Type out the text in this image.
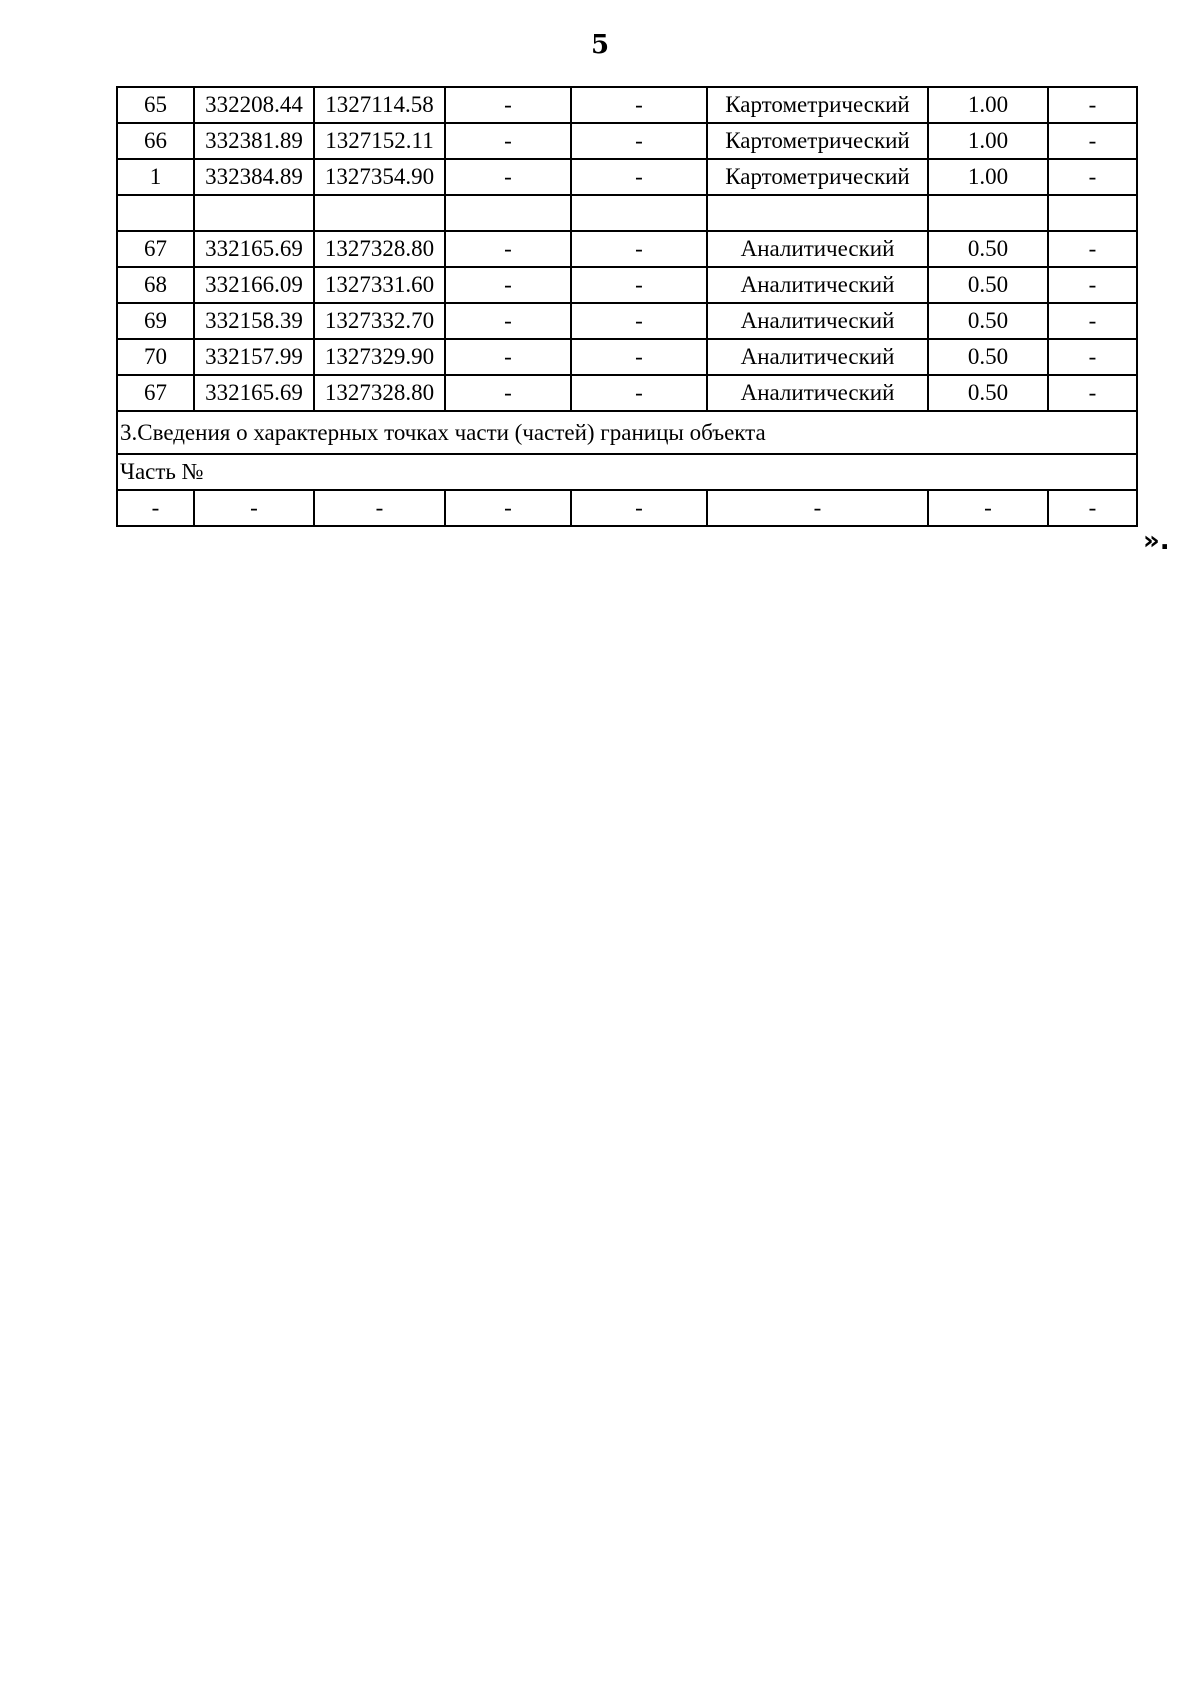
5
65	332208.44	1327114.58	-	-	Картометрический	1.00	-
66	332381.89	1327152.11	-	-	Картометрический	1.00	-
1	332384.89	1327354.90	-	-	Картометрический	1.00	-

67	332165.69	1327328.80	-	-	Аналитический	0.50	-
68	332166.09	1327331.60	-	-	Аналитический	0.50	-
69	332158.39	1327332.70	-	-	Аналитический	0.50	-
70	332157.99	1327329.90	-	-	Аналитический	0.50	-
67	332165.69	1327328.80	-	-	Аналитический	0.50	-
3.Сведения о характерных точках части (частей) границы объекта							
Часть №							
-	-	-	-	-	-	-	-
».
